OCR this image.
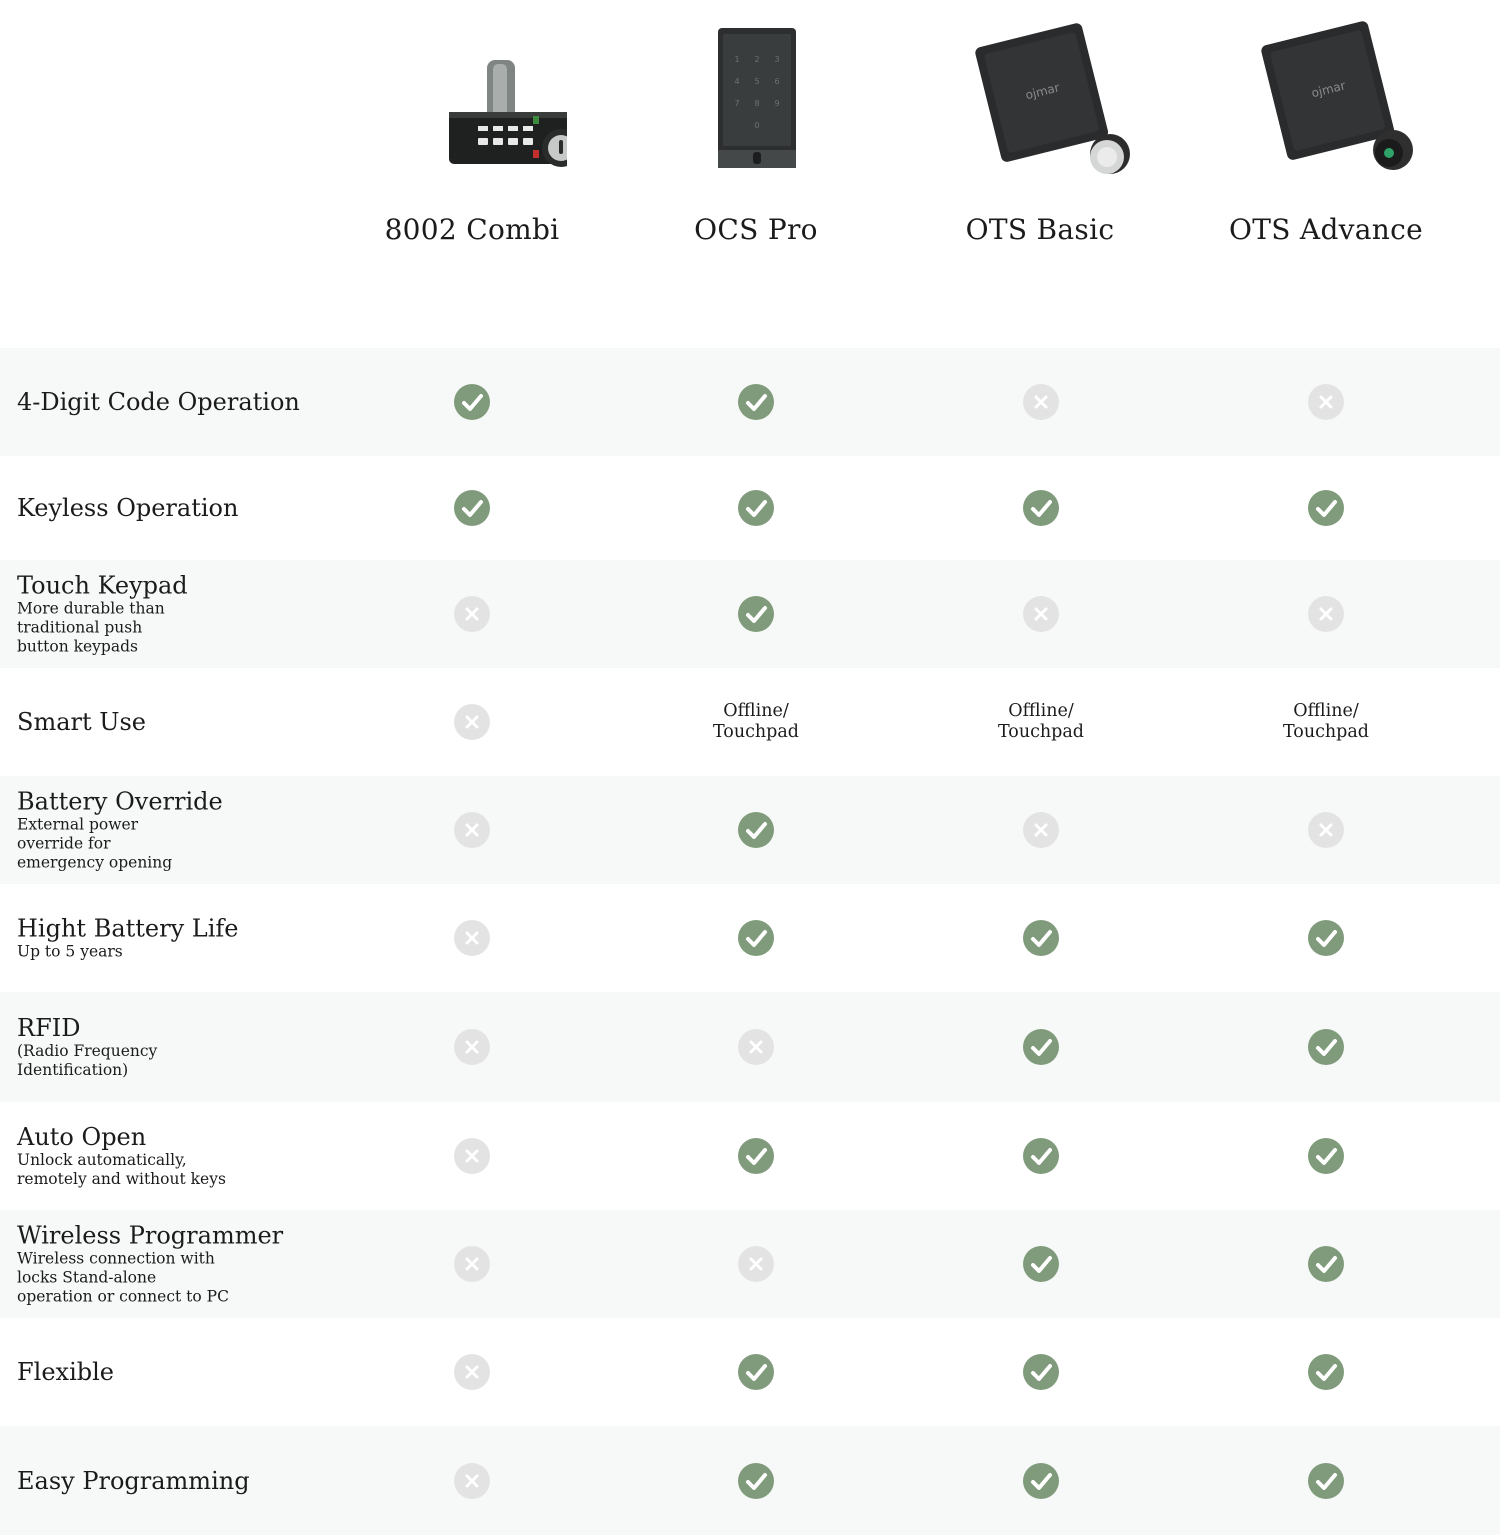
8002 Combi
1 2 3
4 5 6
7 8 9
0
OCS Pro
ojmar
OTS Basic
ojmar
OTS Advance
4-Digit Code Operation
Keyless Operation
Touch Keypad
More durable than
traditional push
button keypads
Smart Use	Offline/
Touchpad
Offline/
Touchpad
Offline/
Touchpad
Battery Override
External power
override for
emergency opening
Hight Battery Life
Up to 5 years
RFID
(Radio Frequency
Identification)
Auto Open
Unlock automatically,
remotely and without keys
Wireless Programmer
Wireless connection with
locks Stand-alone
operation or connect to PC
Flexible
Easy Programming
